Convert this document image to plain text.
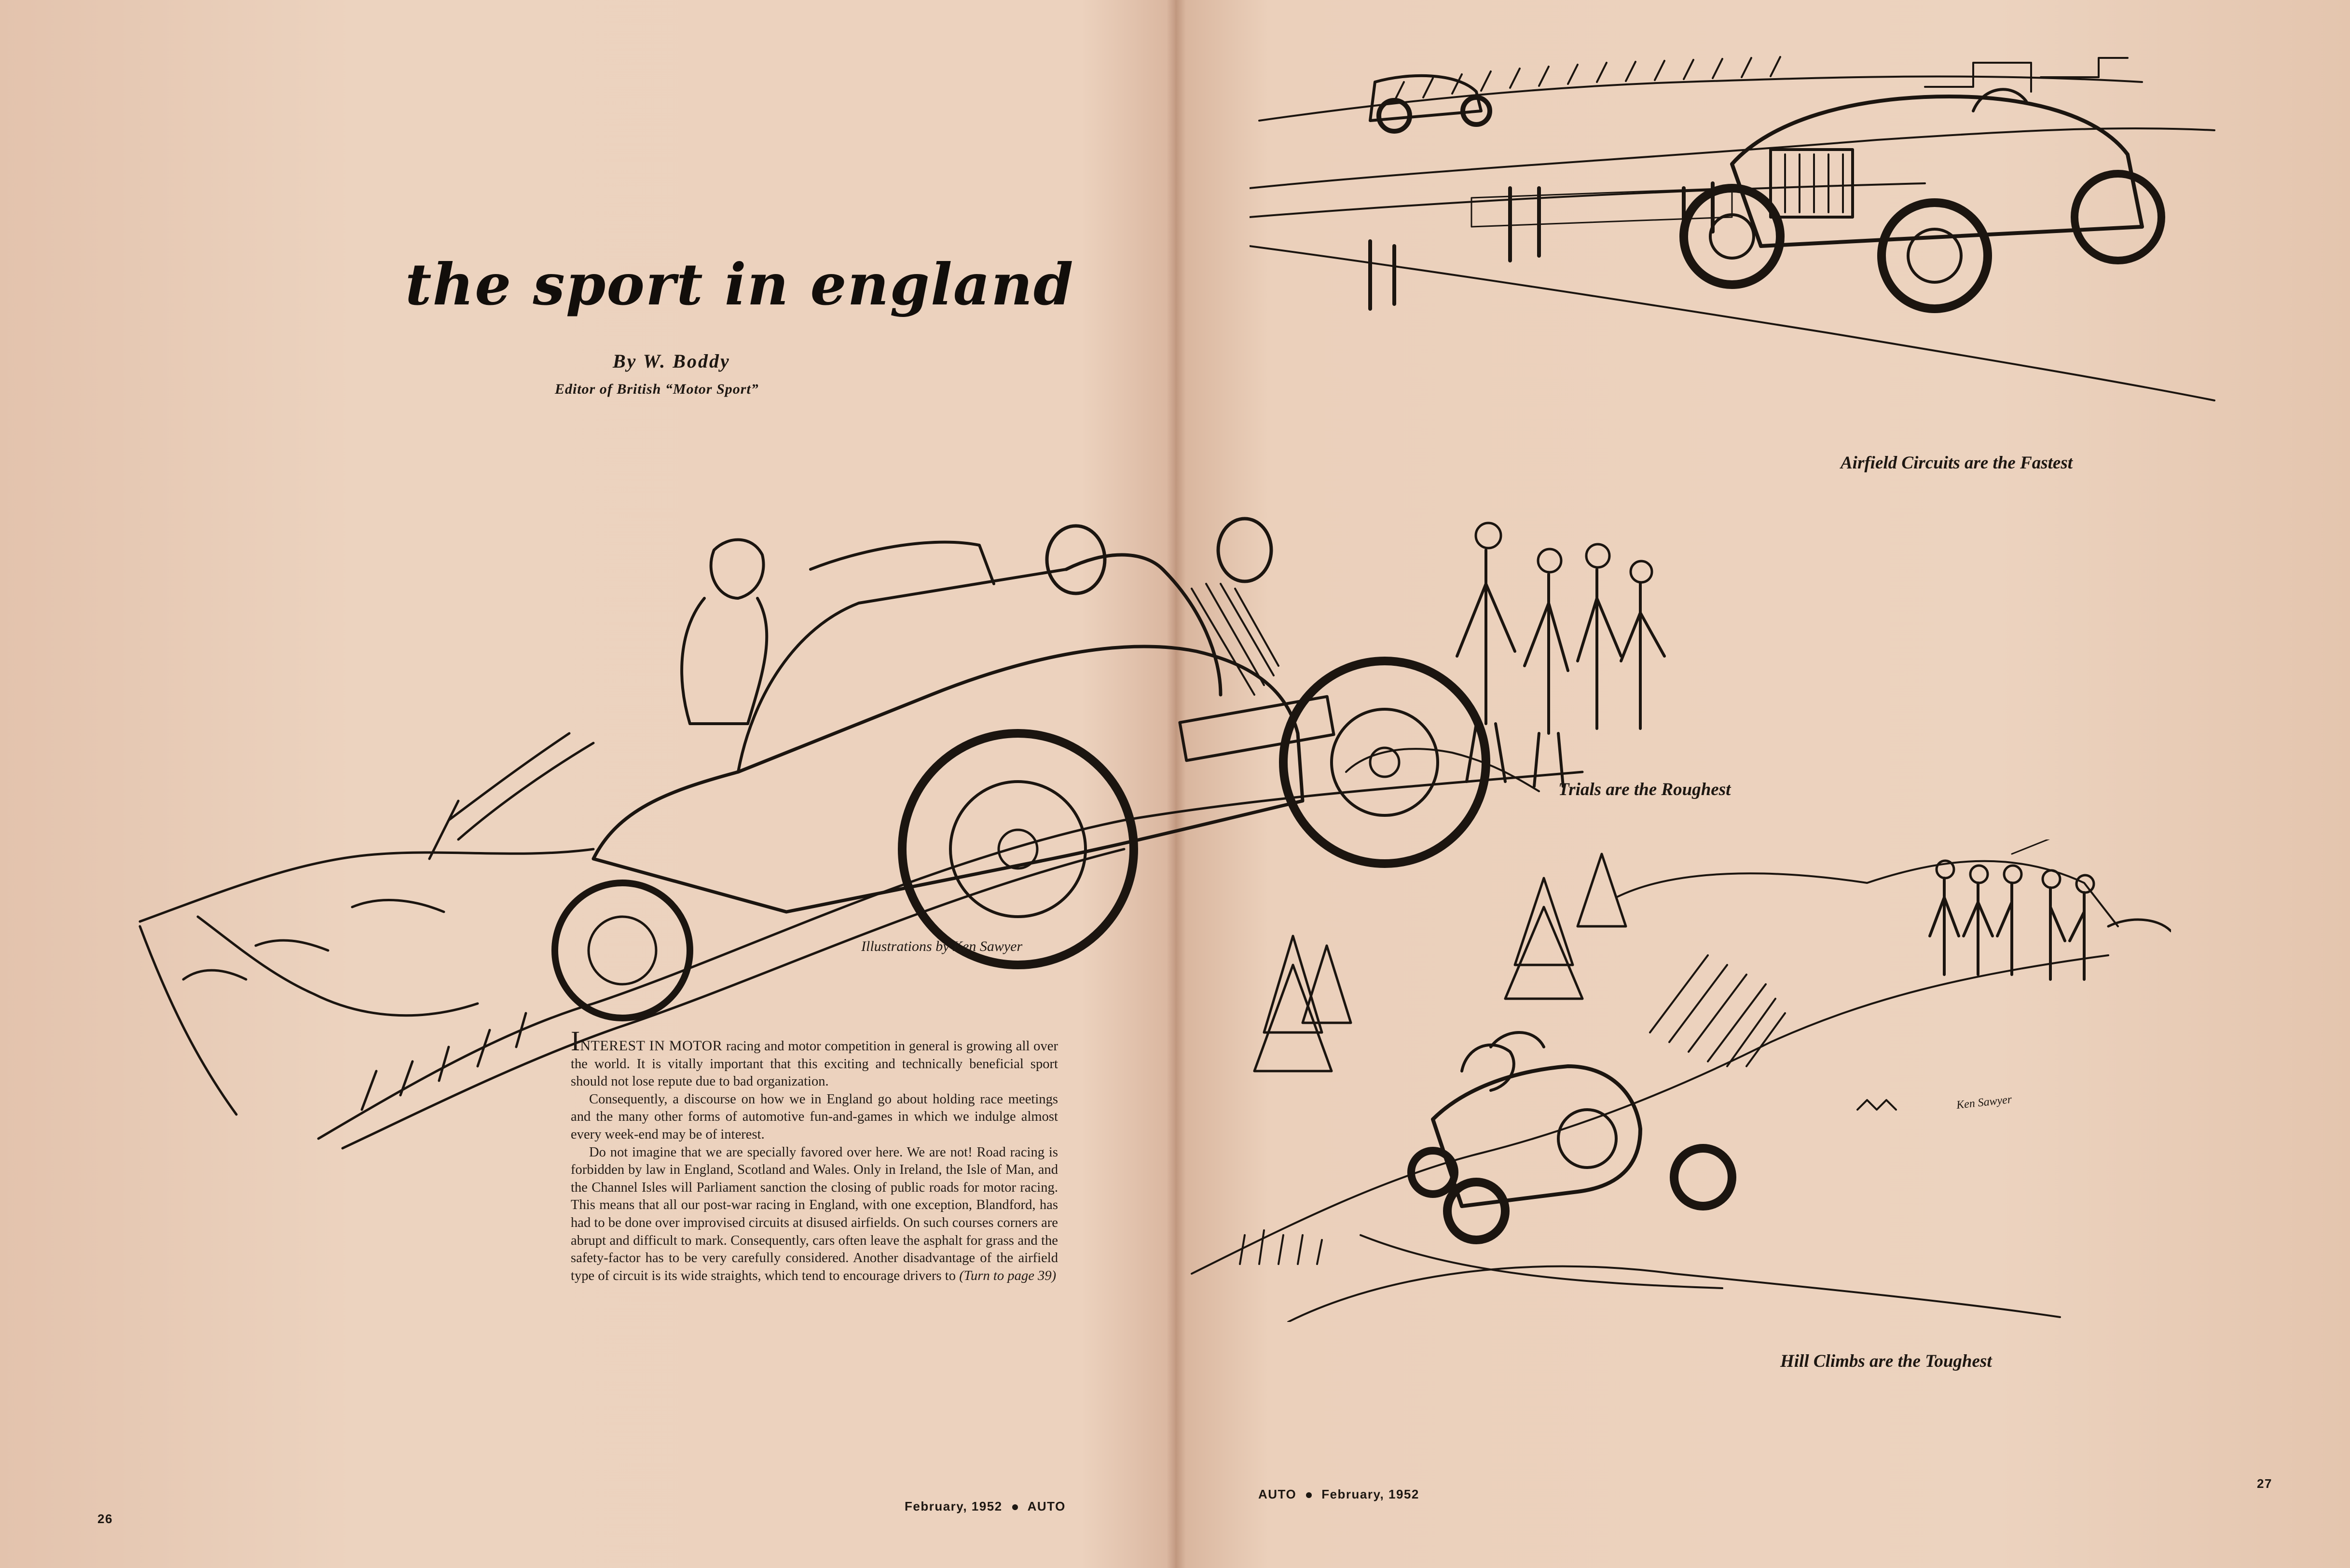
Ken Sawyer
the sport in england
By W. Boddy
Editor of British “Motor Sport”
Illustrations by Ken Sawyer
Airfield Circuits are the Fastest
Trials are the Roughest
Hill Climbs are the Toughest

INTEREST IN MOTOR racing and motor competition in general is growing all over the world. It is vitally important that this exciting and technically beneficial sport should not lose repute due to bad organization.

Consequently, a discourse on how we in England go about holding race meetings and the many other forms of automotive fun-and-games in which we indulge almost every week-end may be of interest.

Do not imagine that we are specially favored over here. We are not! Road racing is forbidden by law in England, Scotland and Wales. Only in Ireland, the Isle of Man, and the Channel Isles will Parliament sanction the closing of public roads for motor racing. This means that all our post-war racing in England, with one exception, Blandford, has had to be done over improvised circuits at disused airfields. On such courses corners are abrupt and difficult to mark. Consequently, cars often leave the asphalt for grass and the safety-factor has to be very carefully considered. Another disadvantage of the airfield type of circuit is its wide straights, which tend to encourage drivers to (Turn to page 39)

26
February, 1952 AUTO
AUTO February, 1952
27
